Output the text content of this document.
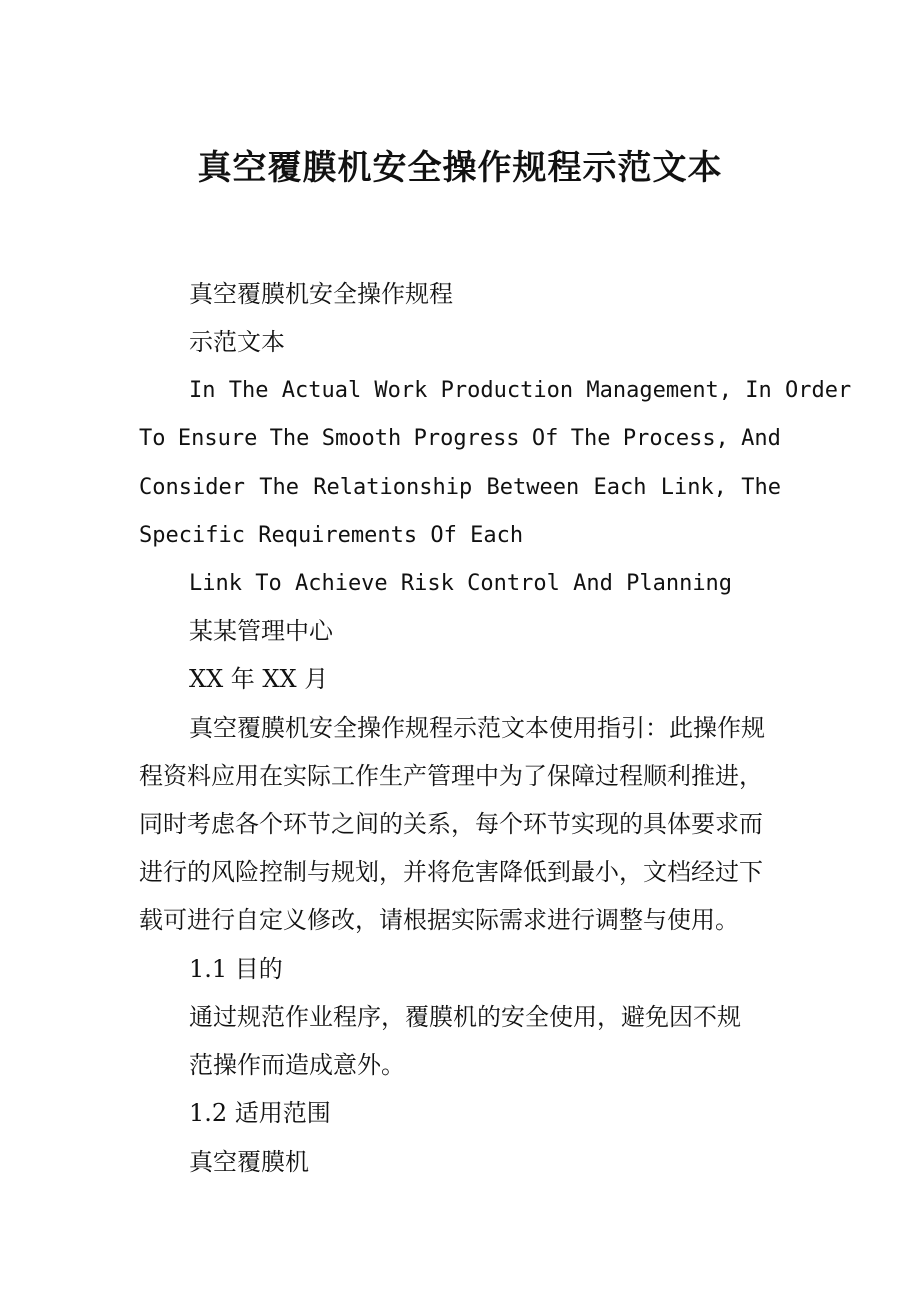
真空覆膜机安全操作规程示范文本
真空覆膜机安全操作规程
示范文本
In The Actual Work Production Management, In Order
To Ensure The Smooth Progress Of The Process, And
Consider The Relationship Between Each Link, The
Specific Requirements Of Each
Link To Achieve Risk Control And Planning
某某管理中心
XX 年 XX 月
真空覆膜机安全操作规程示范文本使用指引：此操作规
程资料应用在实际工作生产管理中为了保障过程顺利推进，
同时考虑各个环节之间的关系，每个环节实现的具体要求而
进行的风险控制与规划，并将危害降低到最小，文档经过下
载可进行自定义修改，请根据实际需求进行调整与使用。
1.1 目的
通过规范作业程序，覆膜机的安全使用，避免因不规
范操作而造成意外。
1.2 适用范围
真空覆膜机
